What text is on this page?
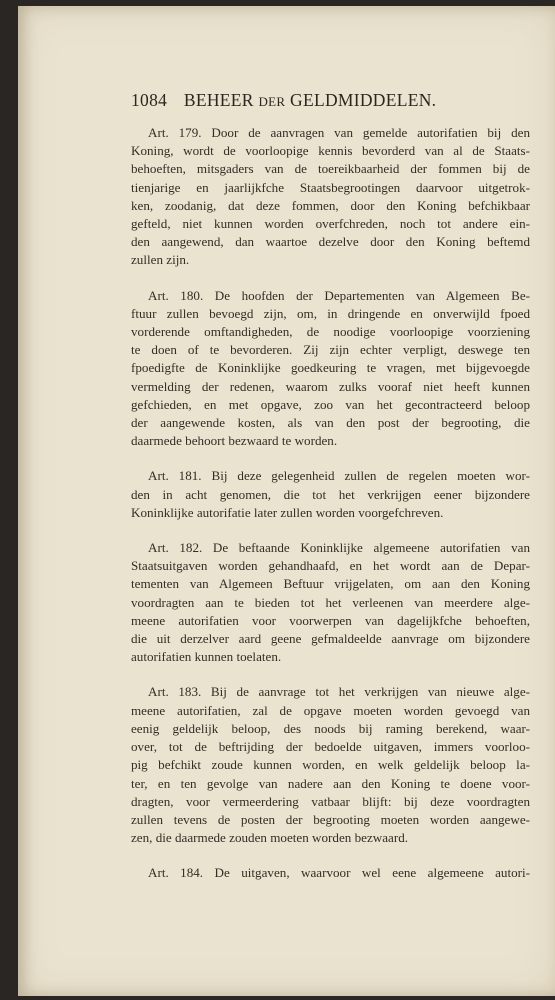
1084 BEHEER DER GELDMIDDELEN.
Art. 179. Door de aanvragen van gemelde autorifatien bij den
Koning, wordt de voorloopige kennis bevorderd van al de Staats-
behoeften, mitsgaders van de toereikbaarheid der fommen bij de
tienjarige en jaarlijkfche Staatsbegrootingen daarvoor uitgetrok-
ken, zoodanig, dat deze fommen, door den Koning befchikbaar
gefteld, niet kunnen worden overfchreden, noch tot andere ein-
den aangewend, dan waartoe dezelve door den Koning beftemd
zullen zijn.
Art. 180. De hoofden der Departementen van Algemeen Be-
ftuur zullen bevoegd zijn, om, in dringende en onverwijld fpoed
vorderende omftandigheden, de noodige voorloopige voorziening
te doen of te bevorderen. Zij zijn echter verpligt, deswege ten
fpoedigfte de Koninklijke goedkeuring te vragen, met bijgevoegde
vermelding der redenen, waarom zulks vooraf niet heeft kunnen
gefchieden, en met opgave, zoo van het gecontracteerd beloop
der aangewende kosten, als van den post der begrooting, die
daarmede behoort bezwaard te worden.
Art. 181. Bij deze gelegenheid zullen de regelen moeten wor-
den in acht genomen, die tot het verkrijgen eener bijzondere
Koninklijke autorifatie later zullen worden voorgefchreven.
Art. 182. De beftaande Koninklijke algemeene autorifatien van
Staatsuitgaven worden gehandhaafd, en het wordt aan de Depar-
tementen van Algemeen Beftuur vrijgelaten, om aan den Koning
voordragten aan te bieden tot het verleenen van meerdere alge-
meene autorifatien voor voorwerpen van dagelijkfche behoeften,
die uit derzelver aard geene gefmaldeelde aanvrage om bijzondere
autorifatien kunnen toelaten.
Art. 183. Bij de aanvrage tot het verkrijgen van nieuwe alge-
meene autorifatien, zal de opgave moeten worden gevoegd van
eenig geldelijk beloop, des noods bij raming berekend, waar-
over, tot de beftrijding der bedoelde uitgaven, immers voorloo-
pig befchikt zoude kunnen worden, en welk geldelijk beloop la-
ter, en ten gevolge van nadere aan den Koning te doene voor-
dragten, voor vermeerdering vatbaar blijft: bij deze voordragten
zullen tevens de posten der begrooting moeten worden aangewe-
zen, die daarmede zouden moeten worden bezwaard.
Art. 184. De uitgaven, waarvoor wel eene algemeene autori-
